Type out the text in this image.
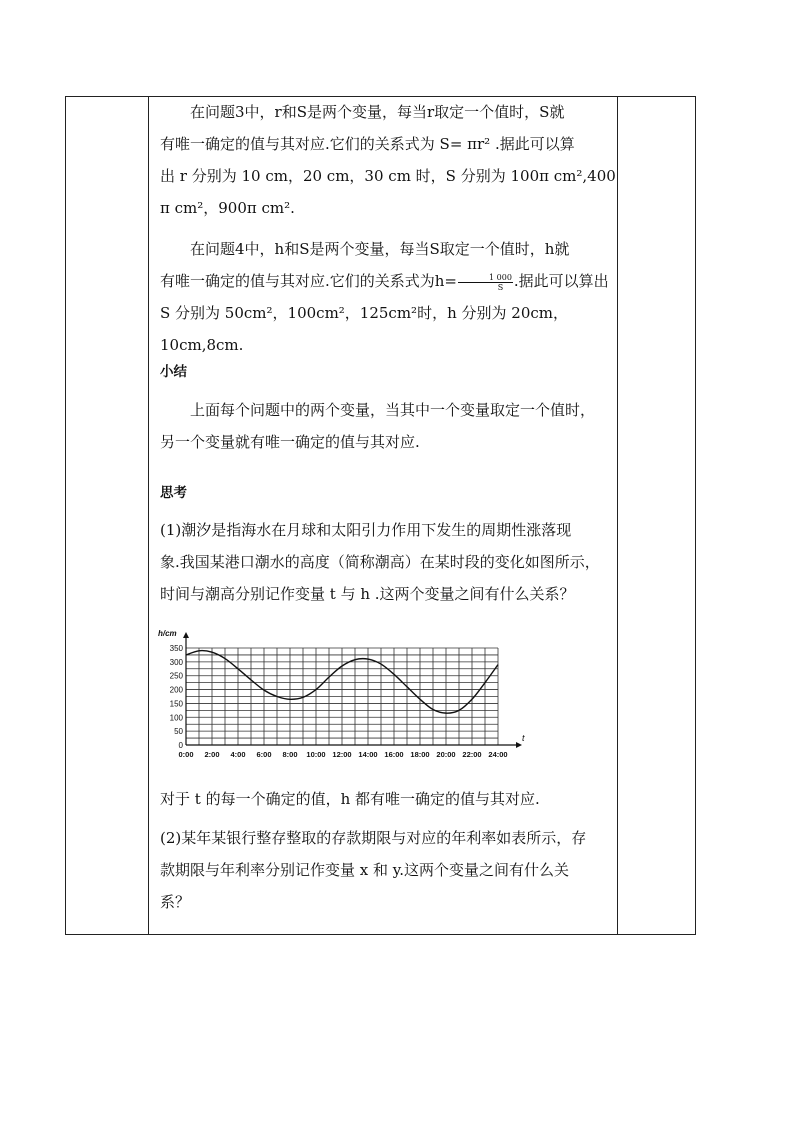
在问题3中，r和S是两个变量，每当r取定一个值时，S就
有唯一确定的值与其对应.它们的关系式为 S= πr² .据此可以算
出 r 分别为 10 cm，20 cm，30 cm 时，S 分别为 100π cm²,400
π cm²，900π cm².

在问题4中，h和S是两个变量，每当S取定一个值时，h就
有唯一确定的值与其对应.它们的关系式为$h= \frac{1 000}{S}$ .据此可以算出
S 分别为 50cm²，100cm²，125cm²时，h 分别为 20cm，10cm,8cm.

小结

上面每个问题中的两个变量，当其中一个变量取定一个值时，
另一个变量就有唯一确定的值与其对应.

思考

(1)潮汐是指海水在月球和太阳引力作用下发生的周期性涨落现
象.我国某港口潮水的高度（简称潮高）在某时段的变化如图所示，
时间与潮高分别记作变量 t 与 h .这两个变量之间有什么关系？

0
50
100
150
200
250
300
350
0:00 2:00 4:00 6:00 8:00 10:00 12:00 14:00 16:00 18:00 20:00 22:00 24:00
h/cm
t

对于 t 的每一个确定的值，h 都有唯一确定的值与其对应.

(2)某年某银行整存整取的存款期限与对应的年利率如表所示，存
款期限与年利率分别记作变量 x 和 y.这两个变量之间有什么关
系？
